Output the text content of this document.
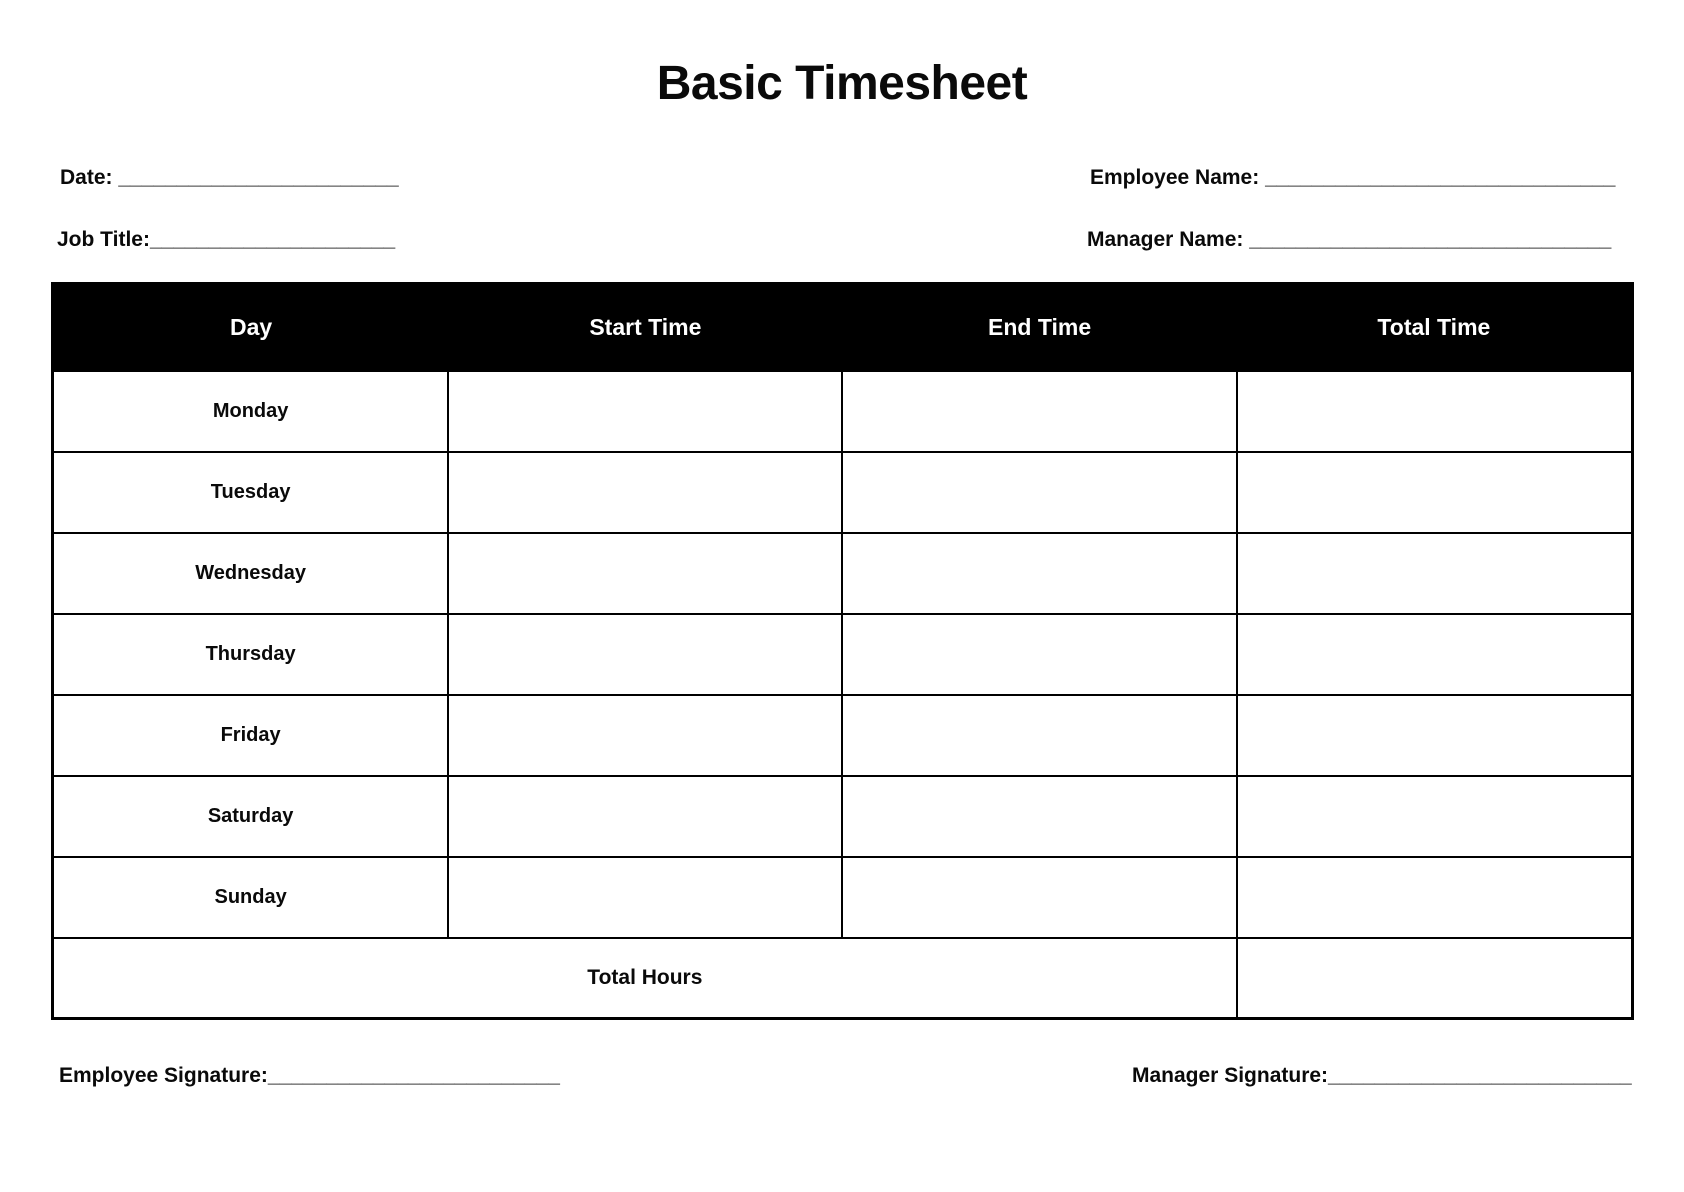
Basic Timesheet
Date: ________________________	Employee Name: ______________________________
Job Title:_____________________	Manager Name: _______________________________
Day	Start Time	End Time	Total Time
Monday			
Tuesday			
Wednesday			
Thursday			
Friday			
Saturday			
Sunday			
Total Hours			
Employee Signature:_________________________	Manager Signature:__________________________
